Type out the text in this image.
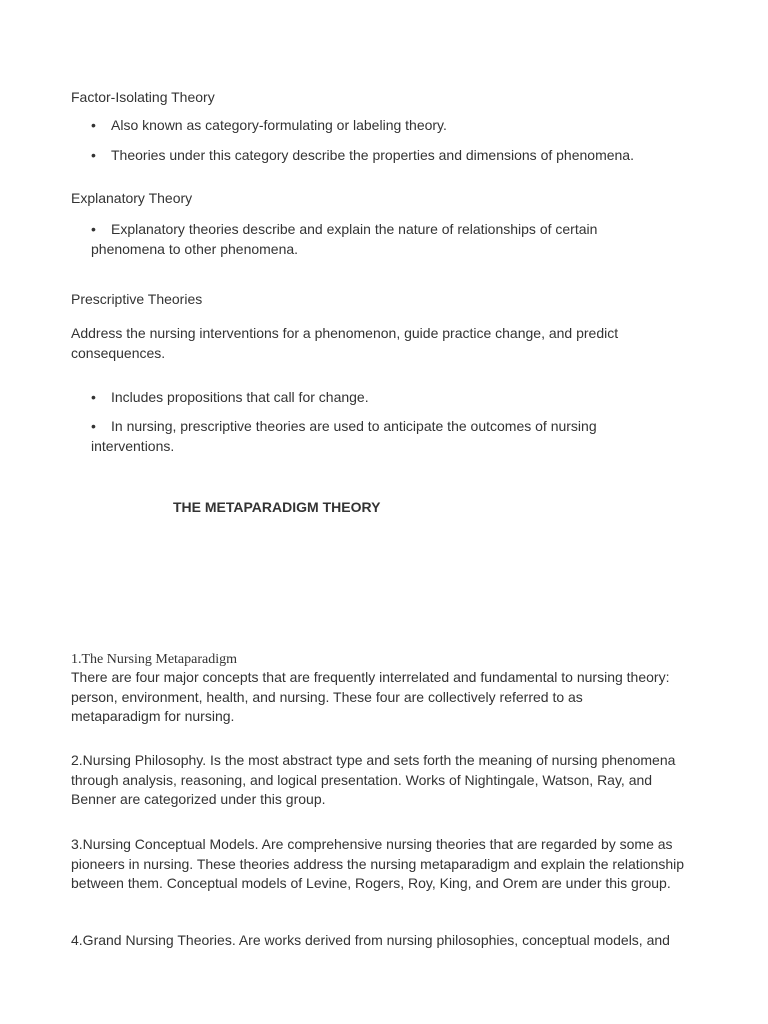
Factor-Isolating Theory
• Also known as category-formulating or labeling theory.
• Theories under this category describe the properties and dimensions of phenomena.
Explanatory Theory
• Explanatory theories describe and explain the nature of relationships of certain phenomena to other phenomena.
Prescriptive Theories
Address the nursing interventions for a phenomenon, guide practice change, and predict consequences.
• Includes propositions that call for change.
• In nursing, prescriptive theories are used to anticipate the outcomes of nursing interventions.
THE METAPARADIGM THEORY
1.The Nursing Metaparadigm
There are four major concepts that are frequently interrelated and fundamental to nursing theory: person, environment, health, and nursing. These four are collectively referred to as metaparadigm for nursing.
2.Nursing Philosophy. Is the most abstract type and sets forth the meaning of nursing phenomena through analysis, reasoning, and logical presentation. Works of Nightingale, Watson, Ray, and Benner are categorized under this group.
3.Nursing Conceptual Models. Are comprehensive nursing theories that are regarded by some as pioneers in nursing. These theories address the nursing metaparadigm and explain the relationship between them. Conceptual models of Levine, Rogers, Roy, King, and Orem are under this group.
4.Grand Nursing Theories. Are works derived from nursing philosophies, conceptual models, and
